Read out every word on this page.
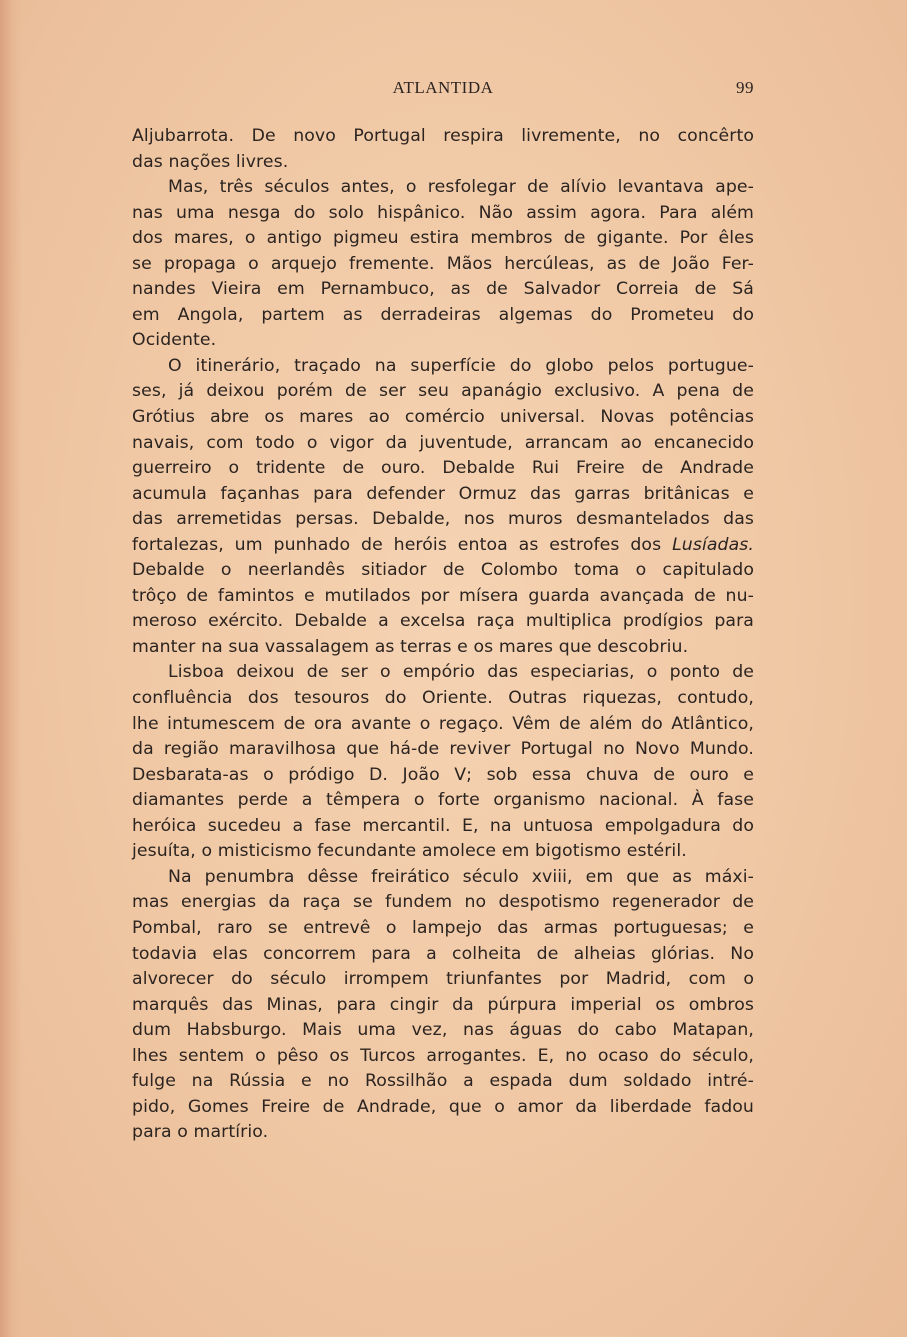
ATLANTIDA	99
Aljubarrota. De novo Portugal respira livremente, no concêrto
das nações livres.
Mas, três séculos antes, o resfolegar de alívio levantava ape-
nas uma nesga do solo hispânico. Não assim agora. Para além
dos mares, o antigo pigmeu estira membros de gigante. Por êles
se propaga o arquejo fremente. Mãos hercúleas, as de João Fer-
nandes Vieira em Pernambuco, as de Salvador Correia de Sá
em Angola, partem as derradeiras algemas do Prometeu do
Ocidente.
O itinerário, traçado na superfície do globo pelos portugue-
ses, já deixou porém de ser seu apanágio exclusivo. A pena de
Grótius abre os mares ao comércio universal. Novas potências
navais, com todo o vigor da juventude, arrancam ao encanecido
guerreiro o tridente de ouro. Debalde Rui Freire de Andrade
acumula façanhas para defender Ormuz das garras britânicas e
das arremetidas persas. Debalde, nos muros desmantelados das
fortalezas, um punhado de heróis entoa as estrofes dos Lusíadas.
Debalde o neerlandês sitiador de Colombo toma o capitulado
trôço de famintos e mutilados por mísera guarda avançada de nu-
meroso exército. Debalde a excelsa raça multiplica prodígios para
manter na sua vassalagem as terras e os mares que descobriu.
Lisboa deixou de ser o empório das especiarias, o ponto de
confluência dos tesouros do Oriente. Outras riquezas, contudo,
lhe intumescem de ora avante o regaço. Vêm de além do Atlântico,
da região maravilhosa que há-de reviver Portugal no Novo Mundo.
Desbarata-as o pródigo D. João V; sob essa chuva de ouro e
diamantes perde a têmpera o forte organismo nacional. À fase
heróica sucedeu a fase mercantil. E, na untuosa empolgadura do
jesuíta, o misticismo fecundante amolece em bigotismo estéril.
Na penumbra dêsse freirático século xviii, em que as máxi-
mas energias da raça se fundem no despotismo regenerador de
Pombal, raro se entrevê o lampejo das armas portuguesas; e
todavia elas concorrem para a colheita de alheias glórias. No
alvorecer do século irrompem triunfantes por Madrid, com o
marquês das Minas, para cingir da púrpura imperial os ombros
dum Habsburgo. Mais uma vez, nas águas do cabo Matapan,
lhes sentem o pêso os Turcos arrogantes. E, no ocaso do século,
fulge na Rússia e no Rossilhão a espada dum soldado intré-
pido, Gomes Freire de Andrade, que o amor da liberdade fadou
para o martírio.
